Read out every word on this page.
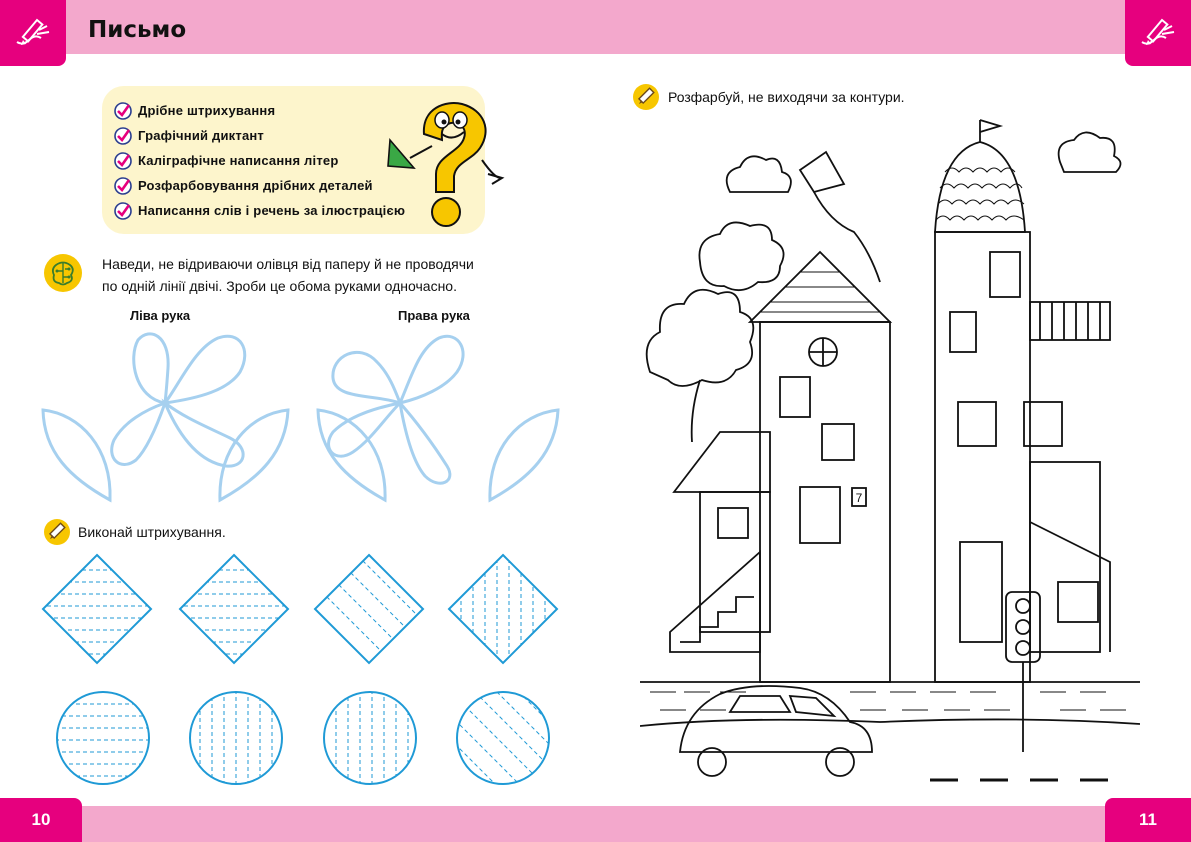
Письмо
Дрібне штрихування
Графічний диктант
Каліграфічне написання літер
Розфарбовування дрібних деталей
Написання слів і речень за ілюстрацією
Наведи, не відриваючи олівця від паперу й не проводячи
по одній лінії двічі. Зроби це обома руками одночасно.
Ліва рука	Права рука
Виконай штрихування.
Розфарбуй, не виходячи за контури.
7
10	11
